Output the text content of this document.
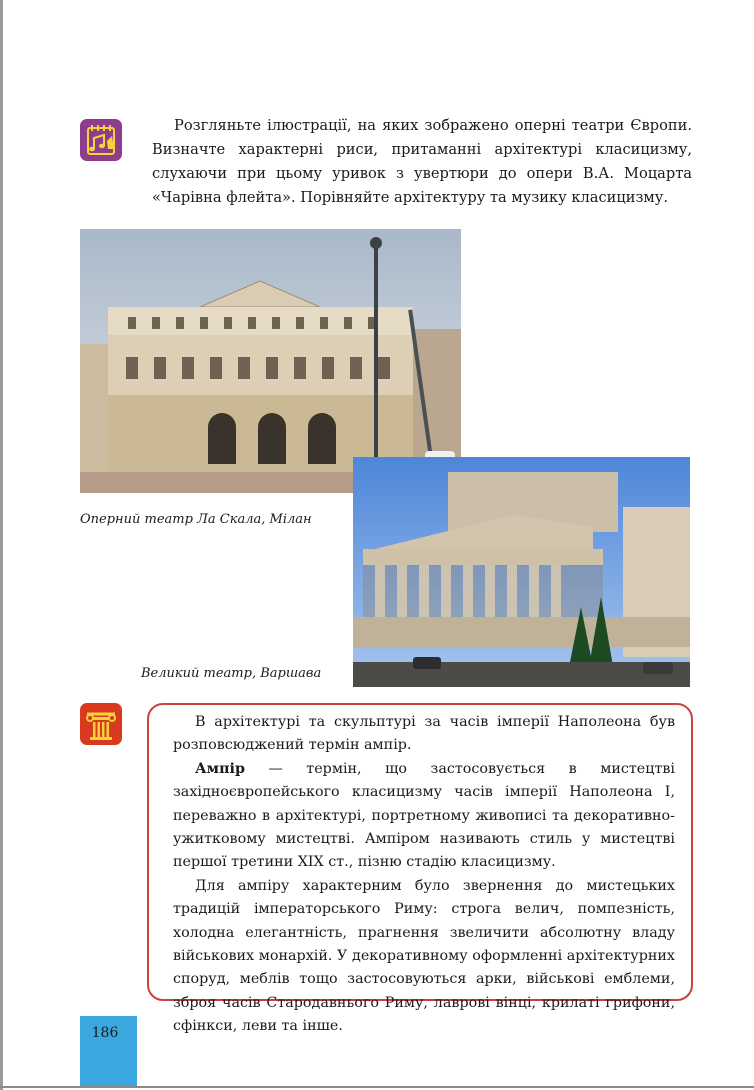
Розгляньте ілюстрації, на яких зображено оперні театри Європи. Визначте характерні риси, притаманні архітектурі класицизму, слухаючи при цьому уривок з увертюри до опери В.А. Моцарта «Чарівна флейта». Порівняйте архітектуру та музику класицизму.

Оперний театр Ла Скала, Мілан

Великий театр, Варшава

В архітектурі та скульптурі за часів імперії Наполеона був розповсюджений термін ампір.

Ампір — термін, що застосовується в мистецтві західноєвропейського класицизму часів імперії Наполеона І, переважно в архітектурі, портретному живописі та декоративно-ужитковому мистецтві. Ампіром називають стиль у мистецтві першої третини ХІХ ст., пізню стадію класицизму.

Для ампіру характерним було звернення до мистецьких традицій імператорського Риму: строга велич, помпезність, холодна елегантність, прагнення звеличити абсолютну владу військових монархій. У декоративному оформленні архітектурних споруд, меблів тощо застосовуються арки, військові емблеми, зброя часів Стародавнього Риму, лаврові вінці, крилаті грифони, сфінкси, леви та інше.

186
